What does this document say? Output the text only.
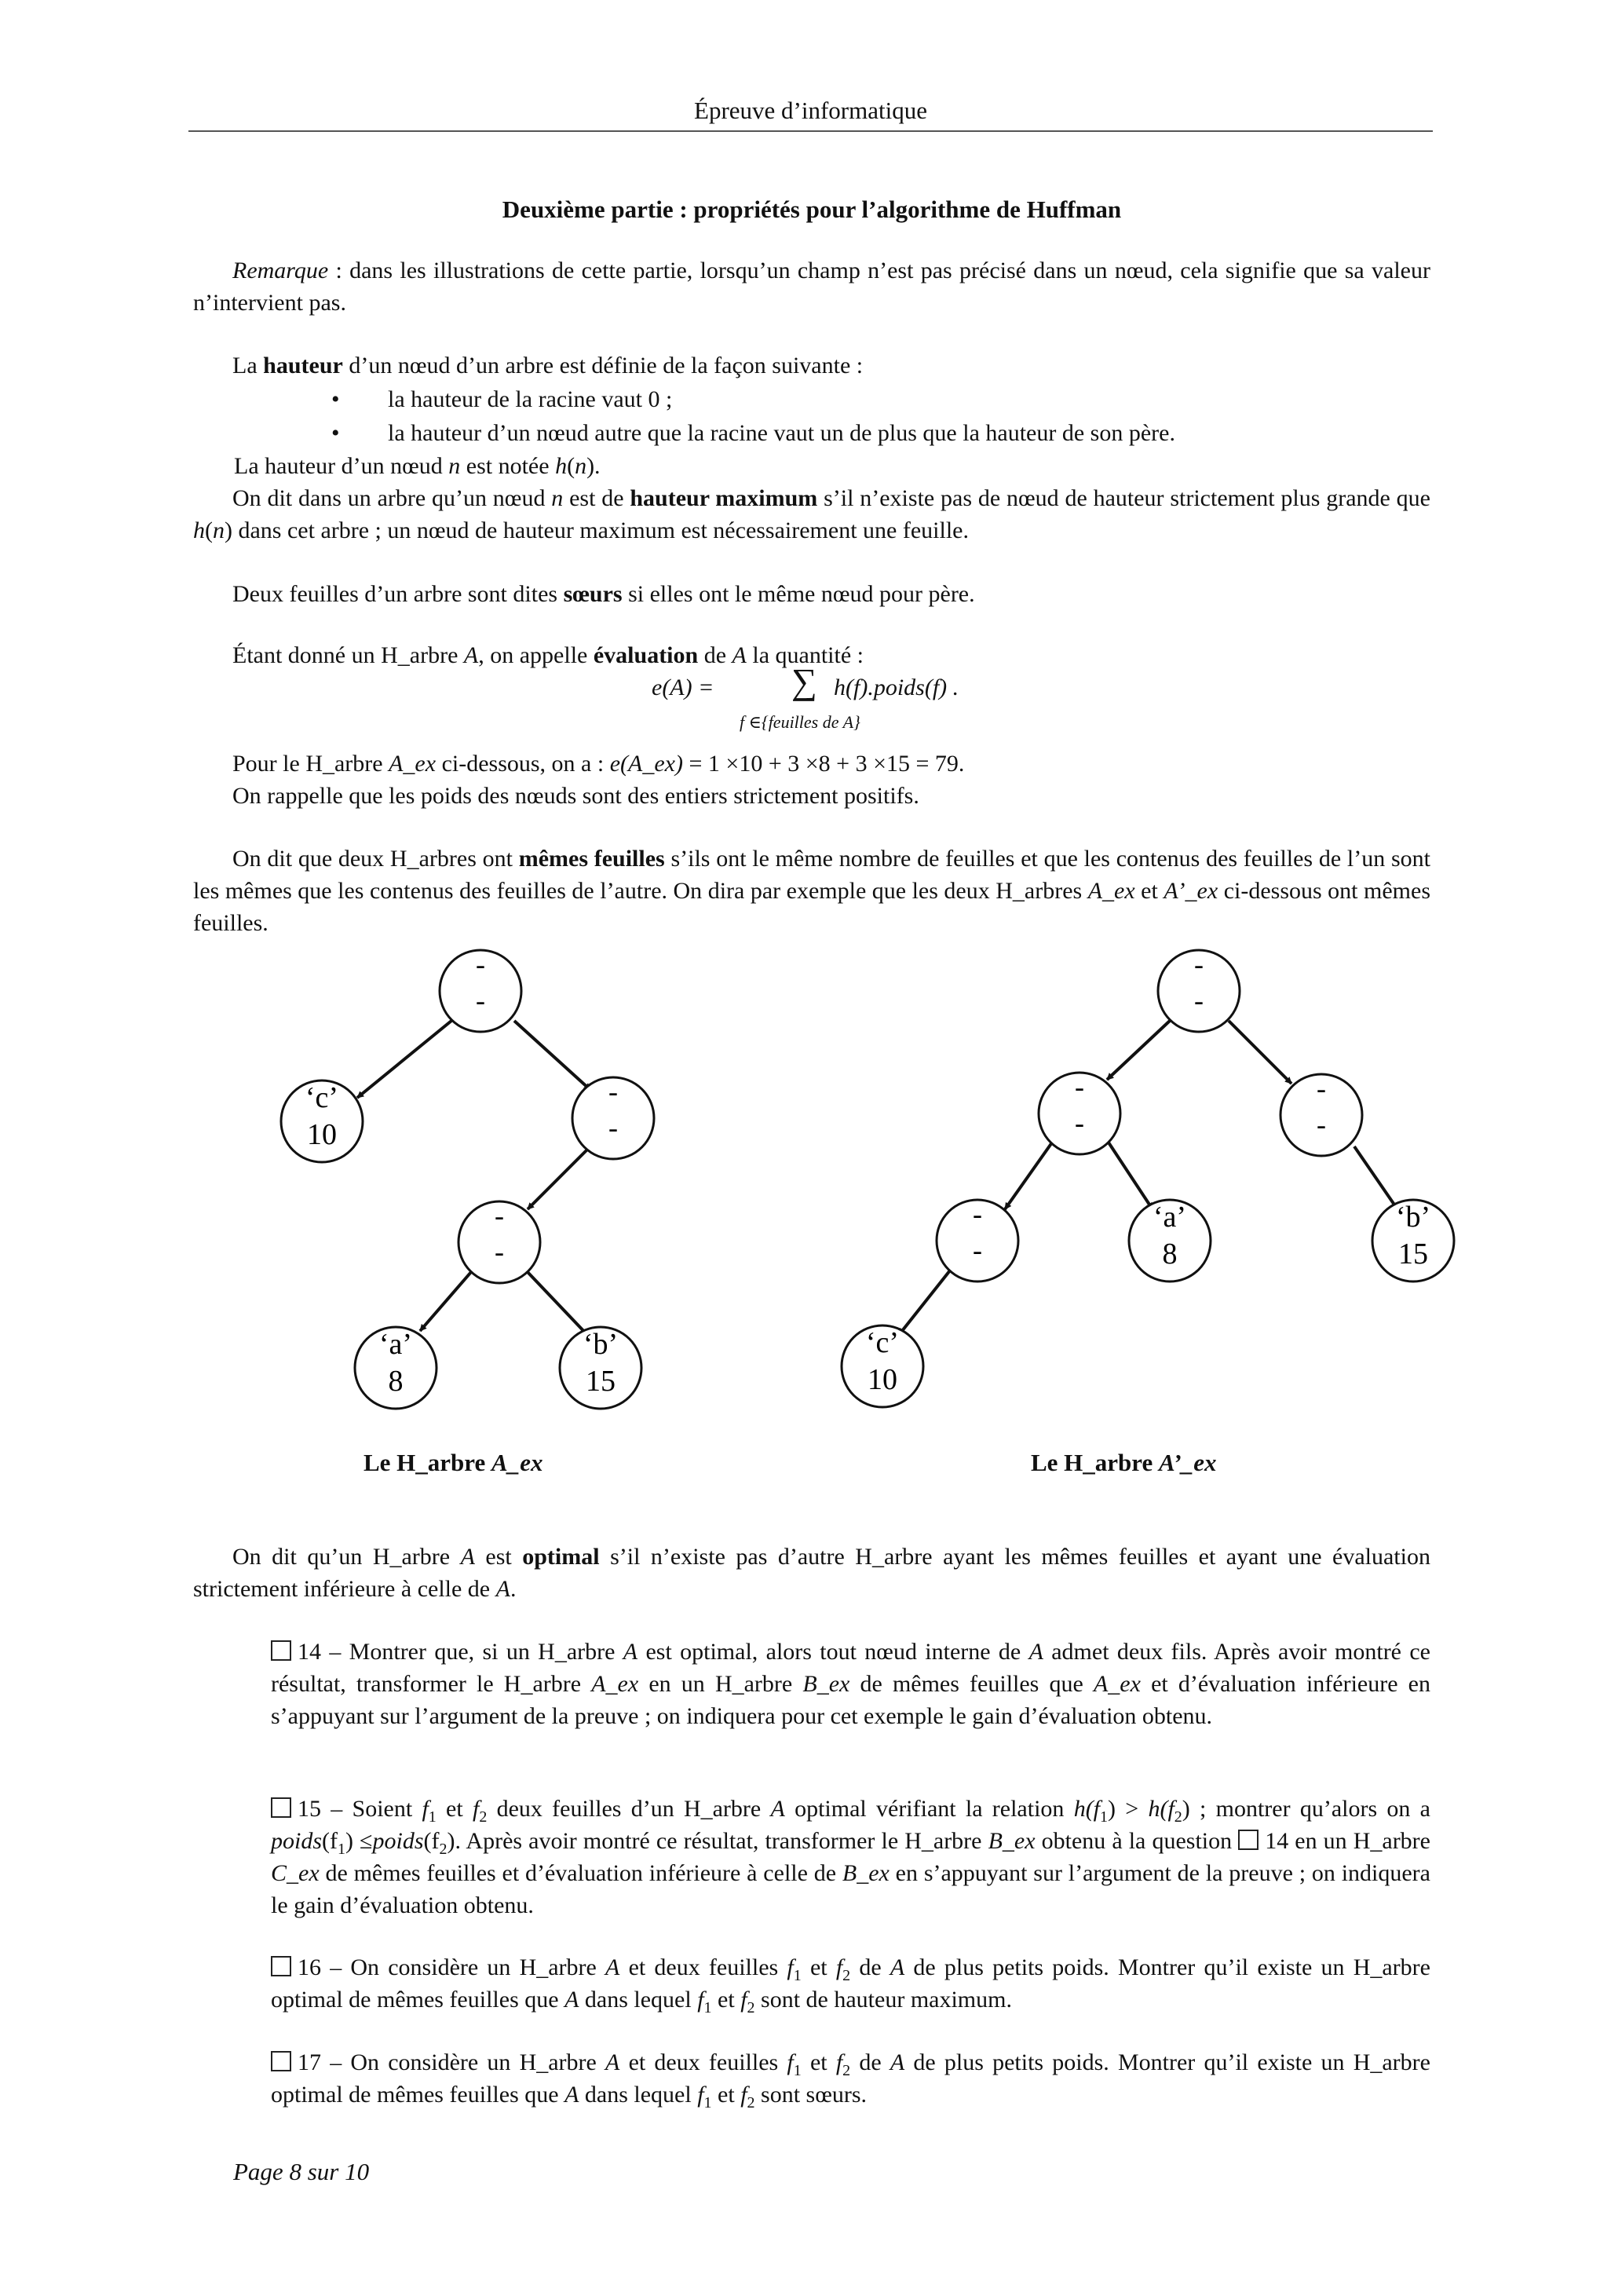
Épreuve d’informatique
Deuxième partie : propriétés pour l’algorithme de Huffman
Remarque : dans les illustrations de cette partie, lorsqu’un champ n’est pas précisé dans un nœud, cela signifie que sa valeur n’intervient pas.
La hauteur d’un nœud d’un arbre est définie de la façon suivante :
• la hauteur de la racine vaut 0 ;
• la hauteur d’un nœud autre que la racine vaut un de plus que la hauteur de son père.
La hauteur d’un nœud n est notée h(n).
On dit dans un arbre qu’un nœud n est de hauteur maximum s’il n’existe pas de nœud de hauteur strictement plus grande que h(n) dans cet arbre ; un nœud de hauteur maximum est nécessairement une feuille.
Deux feuilles d’un arbre sont dites sœurs si elles ont le même nœud pour père.
Étant donné un H_arbre A, on appelle évaluation de A la quantité :
e(A) = ∑ h(f).poids(f) .
f ∈{feuilles de A}
Pour le H_arbre A_ex ci-dessous, on a : e(A_ex) = 1 ×10 + 3 ×8 + 3 ×15 = 79.
On rappelle que les poids des nœuds sont des entiers strictement positifs.
On dit que deux H_arbres ont mêmes feuilles s’ils ont le même nombre de feuilles et que les contenus des feuilles de l’un sont les mêmes que les contenus des feuilles de l’autre. On dira par exemple que les deux H_arbres A_ex et A’_ex ci-dessous ont mêmes feuilles.
-
-
‘c’
10
-
-
-
-
‘a’
8
‘b’
15
-
-
-
-
-
-
-
-
‘a’
8
‘b’
15
‘c’
10
Le H_arbre A_ex	Le H_arbre A’_ex
On dit qu’un H_arbre A est optimal s’il n’existe pas d’autre H_arbre ayant les mêmes feuilles et ayant une évaluation strictement inférieure à celle de A.
14 – Montrer que, si un H_arbre A est optimal, alors tout nœud interne de A admet deux fils. Après avoir montré ce résultat, transformer le H_arbre A_ex en un H_arbre B_ex de mêmes feuilles que A_ex et d’évaluation inférieure en s’appuyant sur l’argument de la preuve ; on indiquera pour cet exemple le gain d’évaluation obtenu.
15 – Soient $f_1$ et $f_2$ deux feuilles d’un H_arbre A optimal vérifiant la relation $h(f_1) > h(f_2)$ ; montrer qu’alors on a $poids(f_1)$ $\le poids(f_2)$. Après avoir montré ce résultat, transformer le H_arbre B_ex obtenu à la question 14 en un H_arbre C_ex de mêmes feuilles et d’évaluation inférieure à celle de B_ex en s’appuyant sur l’argument de la preuve ; on indiquera le gain d’évaluation obtenu.
16 – On considère un H_arbre A et deux feuilles $f_1$ et $f_2$ de A de plus petits poids. Montrer qu’il existe un H_arbre optimal de mêmes feuilles que A dans lequel $f_1$ et $f_2$ sont de hauteur maximum.
17 – On considère un H_arbre A et deux feuilles $f_1$ et $f_2$ de A de plus petits poids. Montrer qu’il existe un H_arbre optimal de mêmes feuilles que A dans lequel $f_1$ et $f_2$ sont sœurs.
Page 8 sur 10
